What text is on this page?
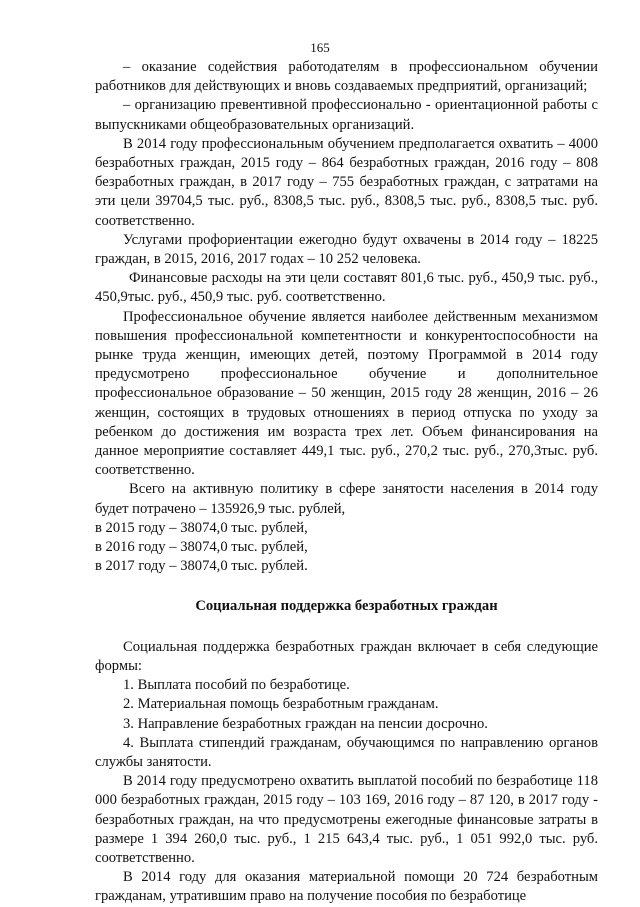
165

– оказание содействия работодателям в профессиональном обучении работников для действующих и вновь создаваемых предприятий, организаций;

– организацию превентивной профессионально - ориентационной работы с выпускниками общеобразовательных организаций.

В 2014 году профессиональным обучением предполагается охватить – 4000 безработных граждан, 2015 году – 864 безработных граждан, 2016 году – 808 безработных граждан, в 2017 году – 755 безработных граждан, с затратами на эти цели 39704,5 тыс. руб., 8308,5 тыс. руб., 8308,5 тыс. руб., 8308,5 тыс. руб. соответственно.

Услугами профориентации ежегодно будут охвачены в 2014 году – 18225 граждан, в 2015, 2016, 2017 годах – 10 252 человека.

Финансовые расходы на эти цели составят 801,6 тыс. руб., 450,9 тыс. руб., 450,9тыс. руб., 450,9 тыс. руб. соответственно.

Профессиональное обучение является наиболее действенным механизмом повышения профессиональной компетентности и конкурентоспособности на рынке труда женщин, имеющих детей, поэтому Программой в 2014 году предусмотрено профессиональное обучение и дополнительное профессиональное образование – 50 женщин, 2015 году 28 женщин, 2016 – 26 женщин, состоящих в трудовых отношениях в период отпуска по уходу за ребенком до достижения им возраста трех лет. Объем финансирования на данное мероприятие составляет 449,1 тыс. руб., 270,2 тыс. руб., 270,3тыс. руб. соответственно.

Всего на активную политику в сфере занятости населения в 2014 году будет потрачено – 135926,9 тыс. рублей,

в 2015 году – 38074,0 тыс. рублей,

в 2016 году – 38074,0 тыс. рублей,

в 2017 году – 38074,0 тыс. рублей.

Социальная поддержка безработных граждан

Социальная поддержка безработных граждан включает в себя следующие формы:

1. Выплата пособий по безработице.

2. Материальная помощь безработным гражданам.

3. Направление безработных граждан на пенсии досрочно.

4. Выплата стипендий гражданам, обучающимся по направлению органов службы занятости.

В 2014 году предусмотрено охватить выплатой пособий по безработице 118 000 безработных граждан, 2015 году – 103 169, 2016 году – 87 120, в 2017 году - безработных граждан, на что предусмотрены ежегодные финансовые затраты в размере 1 394 260,0 тыс. руб., 1 215 643,4 тыс. руб., 1 051 992,0 тыс. руб. соответственно.

В 2014 году для оказания материальной помощи 20 724 безработным гражданам, утратившим право на получение пособия по безработице
